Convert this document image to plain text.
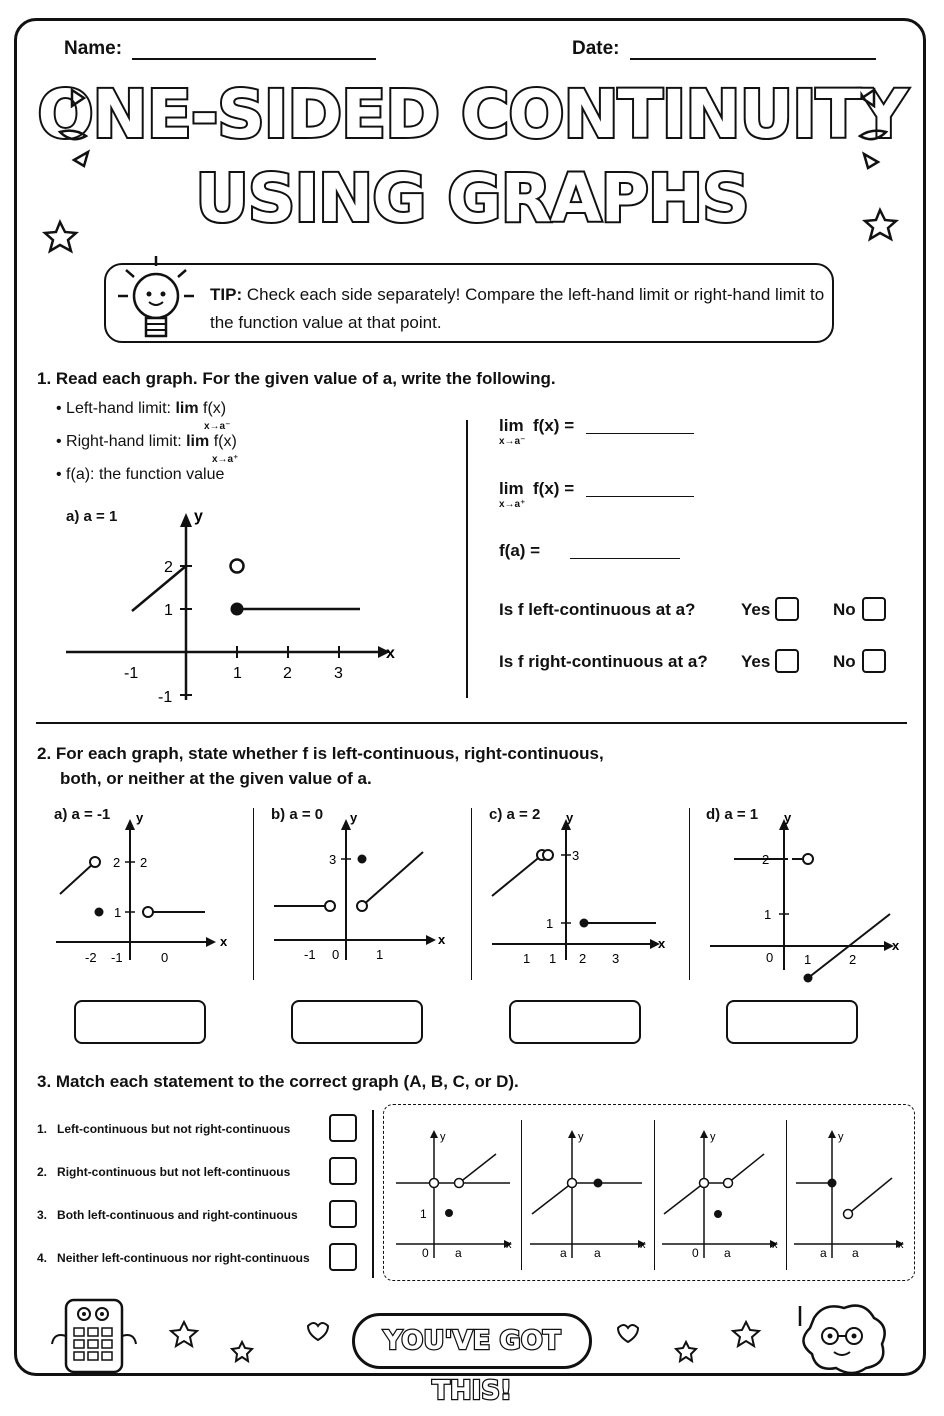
Name:	Date:
ONE-SIDED CONTINUITY
USING GRAPHS
TIP: Check each side separately! Compare the left-hand limit or right-hand limit to the function value at that point.
1. Read each graph. For the given value of a, write the following.
• Left-hand limit: lim f(x)
x→a⁻
• Right-hand limit: lim f(x)
x→a⁺
• f(a): the function value
a) a = 1
x
y
2
1
-1
-1	1	2	3
lim f(x) =
x→a⁻
lim f(x) =
x→a⁺
f(a) =
Is f left-continuous at a?	Yes	No
Is f right-continuous at a? Yes	No
2. For each graph, state whether f is left-continuous, right-continuous,
both, or neither at the given value of a.
a) a = -1	b) a = 0	c) a = 2	d) a = 1
x
y
2 2
1
-2 -1	0
x
y
3
-1 0	1
x
y
3
1
1 1 2 3
x
y
2
1
0 1	2
3. Match each statement to the correct graph (A, B, C, or D).
1. Left-continuous but not right-continuous
2. Right-continuous but not left-continuous
3. Both left-continuous and right-continuous
4. Neither left-continuous nor right-continuous
y
x
0 a
1
y
x
a a
y
x
0 a
y
x
a a
YOU'VE GOT THIS!
